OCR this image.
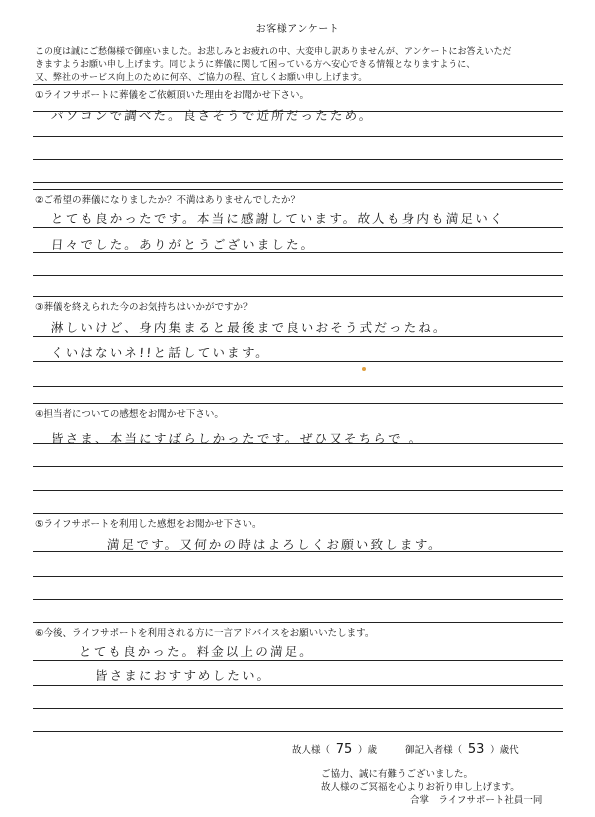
お客様アンケート

この度は誠にご愁傷様で御座いました。お悲しみとお疲れの中、大変申し訳ありませんが、アンケートにお答えいただ

きますようお願い申し上げます。同じように葬儀に関して困っている方へ安心できる情報となりますように、

又、弊社のサービス向上のために何卒、ご協力の程、宜しくお願い申し上げます。

①ライフサポートに葬儀をご依頼頂いた理由をお聞かせ下さい。
パソコンで調べた。良さそうで近所だったため。
②ご希望の葬儀になりましたか？不満はありませんでしたか？
とても良かったです。本当に感謝しています。故人も身内も満足いく
日々でした。ありがとうございました。
③葬儀を終えられた今のお気持ちはいかがですか？
淋しいけど、身内集まると最後まで良いおそう式だったね。
くいはないネ!!と話しています。
④担当者についての感想をお聞かせ下さい。
皆さま、本当にすばらしかったです。ぜひ又そちらで 。
⑤ライフサポートを利用した感想をお聞かせ下さい。
満足です。又何かの時はよろしくお願い致します。
⑥今後、ライフサポートを利用される方に一言アドバイスをお願いいたします。
とても良かった。料金以上の満足。
皆さまにおすすめしたい。
故人様（ 75 ）歳	御記入者様（ 53 ）歳代
ご協力、誠に有難うございました。
故人様のご冥福を心よりお祈り申し上げます。
合掌　ライフサポート社員一同
